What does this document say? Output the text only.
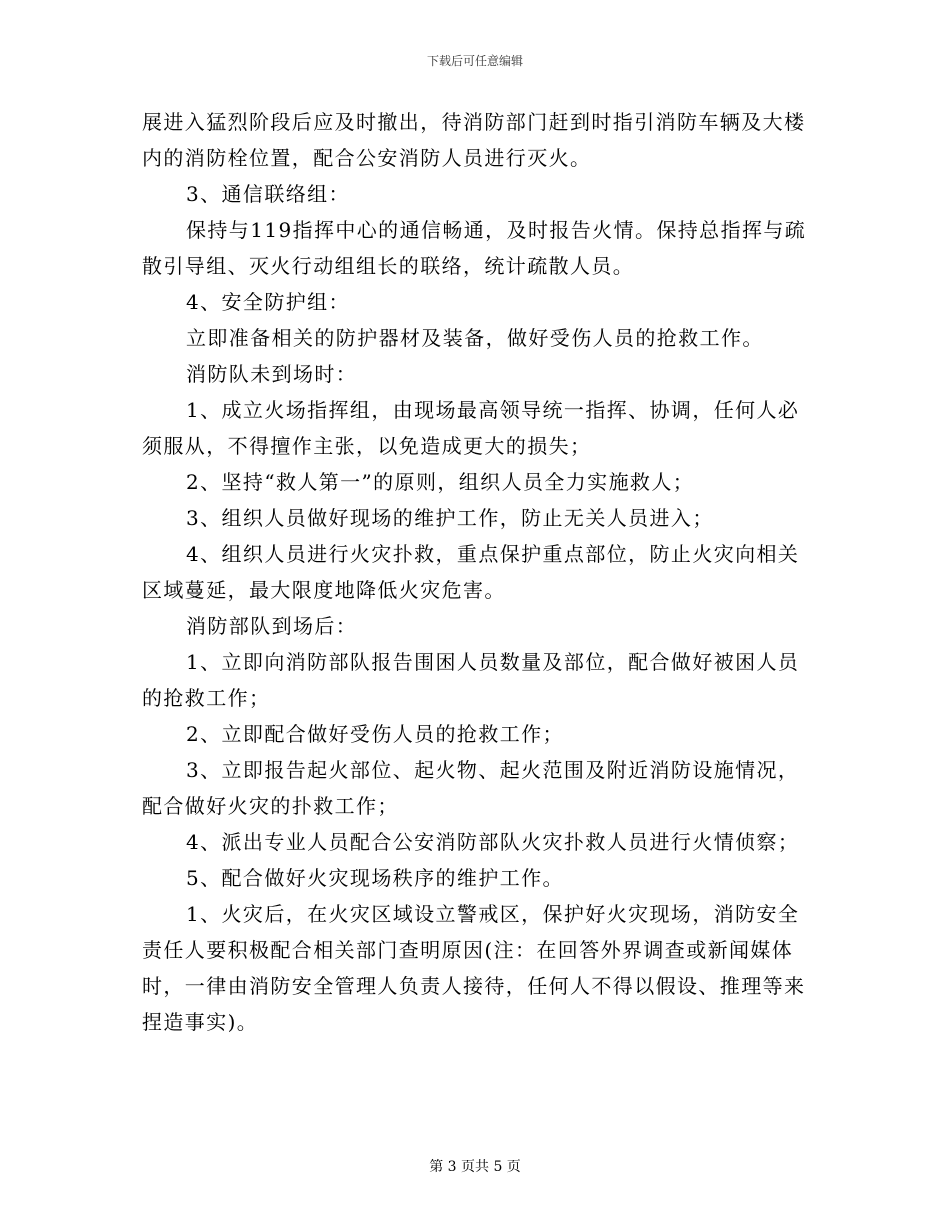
下载后可任意编辑

展进入猛烈阶段后应及时撤出，待消防部门赶到时指引消防车辆及大楼内的消防栓位置，配合公安消防人员进行灭火。

3、通信联络组：

保持与119指挥中心的通信畅通，及时报告火情。保持总指挥与疏散引导组、灭火行动组组长的联络，统计疏散人员。

4、安全防护组：

立即准备相关的防护器材及装备，做好受伤人员的抢救工作。

消防队未到场时：

1、成立火场指挥组，由现场最高领导统一指挥、协调，任何人必须服从，不得擅作主张，以免造成更大的损失；

2、坚持“救人第一”的原则，组织人员全力实施救人；

3、组织人员做好现场的维护工作，防止无关人员进入；

4、组织人员进行火灾扑救，重点保护重点部位，防止火灾向相关区域蔓延，最大限度地降低火灾危害。

消防部队到场后：

1、立即向消防部队报告围困人员数量及部位，配合做好被困人员的抢救工作；

2、立即配合做好受伤人员的抢救工作；

3、立即报告起火部位、起火物、起火范围及附近消防设施情况，配合做好火灾的扑救工作；

4、派出专业人员配合公安消防部队火灾扑救人员进行火情侦察；

5、配合做好火灾现场秩序的维护工作。

1、火灾后，在火灾区域设立警戒区，保护好火灾现场，消防安全责任人要积极配合相关部门查明原因(注：在回答外界调查或新闻媒体时，一律由消防安全管理人负责人接待，任何人不得以假设、推理等来捏造事实)。

第 3 页共 5 页
